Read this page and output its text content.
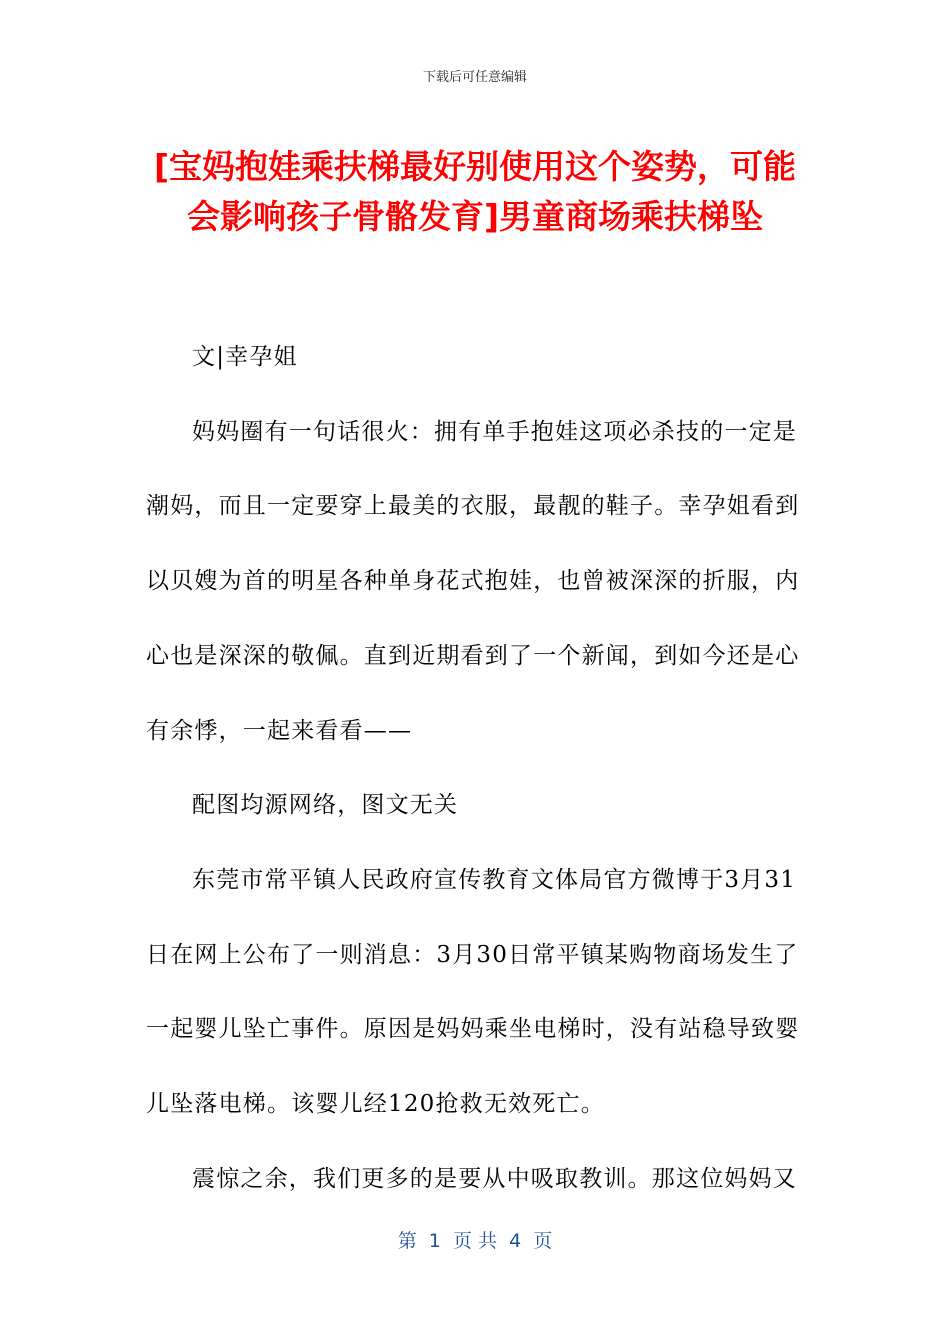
下载后可任意编辑
[宝妈抱娃乘扶梯最好别使用这个姿势，可能
会影响孩子骨骼发育]男童商场乘扶梯坠

文|幸孕姐

妈妈圈有一句话很火：拥有单手抱娃这项必杀技的一定是
潮妈，而且一定要穿上最美的衣服，最靓的鞋子。幸孕姐看到
以贝嫂为首的明星各种单身花式抱娃，也曾被深深的折服，内
心也是深深的敬佩。直到近期看到了一个新闻，到如今还是心
有余悸，一起来看看——

配图均源网络，图文无关

东莞市常平镇人民政府宣传教育文体局官方微博于3月31
日在网上公布了一则消息：3月30日常平镇某购物商场发生了
一起婴儿坠亡事件。原因是妈妈乘坐电梯时，没有站稳导致婴
儿坠落电梯。该婴儿经120抢救无效死亡。

震惊之余，我们更多的是要从中吸取教训。那这位妈妈又

第  1  页 共  4  页
